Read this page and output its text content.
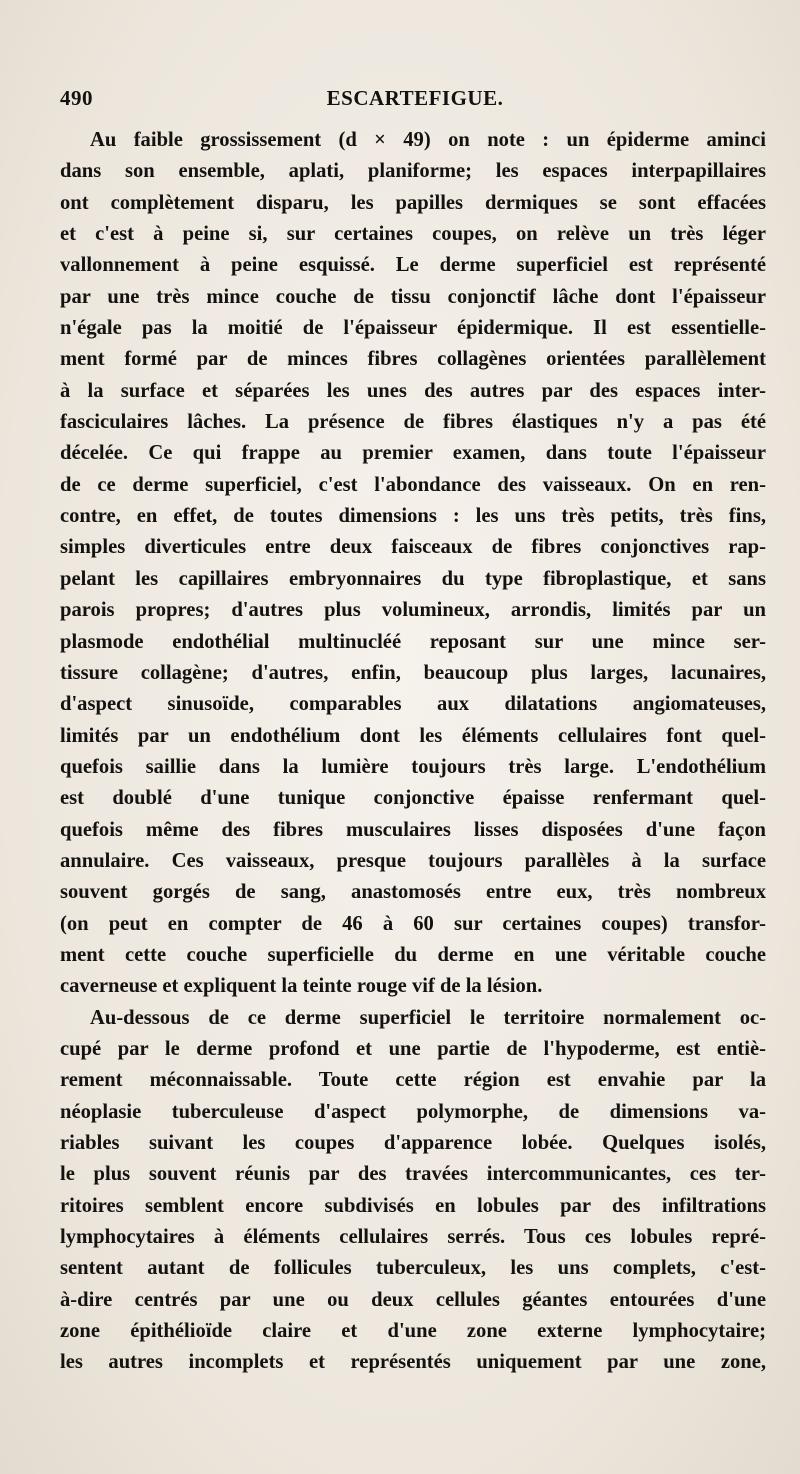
490	ESCARTEFIGUE.
Au faible grossissement (d × 49) on note : un épiderme aminci
dans son ensemble, aplati, planiforme; les espaces interpapillaires
ont complètement disparu, les papilles dermiques se sont effacées
et c'est à peine si, sur certaines coupes, on relève un très léger
vallonnement à peine esquissé. Le derme superficiel est représenté
par une très mince couche de tissu conjonctif lâche dont l'épaisseur
n'égale pas la moitié de l'épaisseur épidermique. Il est essentielle-
ment formé par de minces fibres collagènes orientées parallèlement
à la surface et séparées les unes des autres par des espaces inter-
fasciculaires lâches. La présence de fibres élastiques n'y a pas été
décelée. Ce qui frappe au premier examen, dans toute l'épaisseur
de ce derme superficiel, c'est l'abondance des vaisseaux. On en ren-
contre, en effet, de toutes dimensions : les uns très petits, très fins,
simples diverticules entre deux faisceaux de fibres conjonctives rap-
pelant les capillaires embryonnaires du type fibroplastique, et sans
parois propres; d'autres plus volumineux, arrondis, limités par un
plasmode endothélial multinucléé reposant sur une mince ser-
tissure collagène; d'autres, enfin, beaucoup plus larges, lacunaires,
d'aspect sinusoïde, comparables aux dilatations angiomateuses,
limités par un endothélium dont les éléments cellulaires font quel-
quefois saillie dans la lumière toujours très large. L'endothélium
est doublé d'une tunique conjonctive épaisse renfermant quel-
quefois même des fibres musculaires lisses disposées d'une façon
annulaire. Ces vaisseaux, presque toujours parallèles à la surface
souvent gorgés de sang, anastomosés entre eux, très nombreux
(on peut en compter de 46 à 60 sur certaines coupes) transfor-
ment cette couche superficielle du derme en une véritable couche
caverneuse et expliquent la teinte rouge vif de la lésion.
Au-dessous de ce derme superficiel le territoire normalement oc-
cupé par le derme profond et une partie de l'hypoderme, est entiè-
rement méconnaissable. Toute cette région est envahie par la
néoplasie tuberculeuse d'aspect polymorphe, de dimensions va-
riables suivant les coupes d'apparence lobée. Quelques isolés,
le plus souvent réunis par des travées intercommunicantes, ces ter-
ritoires semblent encore subdivisés en lobules par des infiltrations
lymphocytaires à éléments cellulaires serrés. Tous ces lobules repré-
sentent autant de follicules tuberculeux, les uns complets, c'est-
à-dire centrés par une ou deux cellules géantes entourées d'une
zone épithélioïde claire et d'une zone externe lymphocytaire;
les autres incomplets et représentés uniquement par une zone,
